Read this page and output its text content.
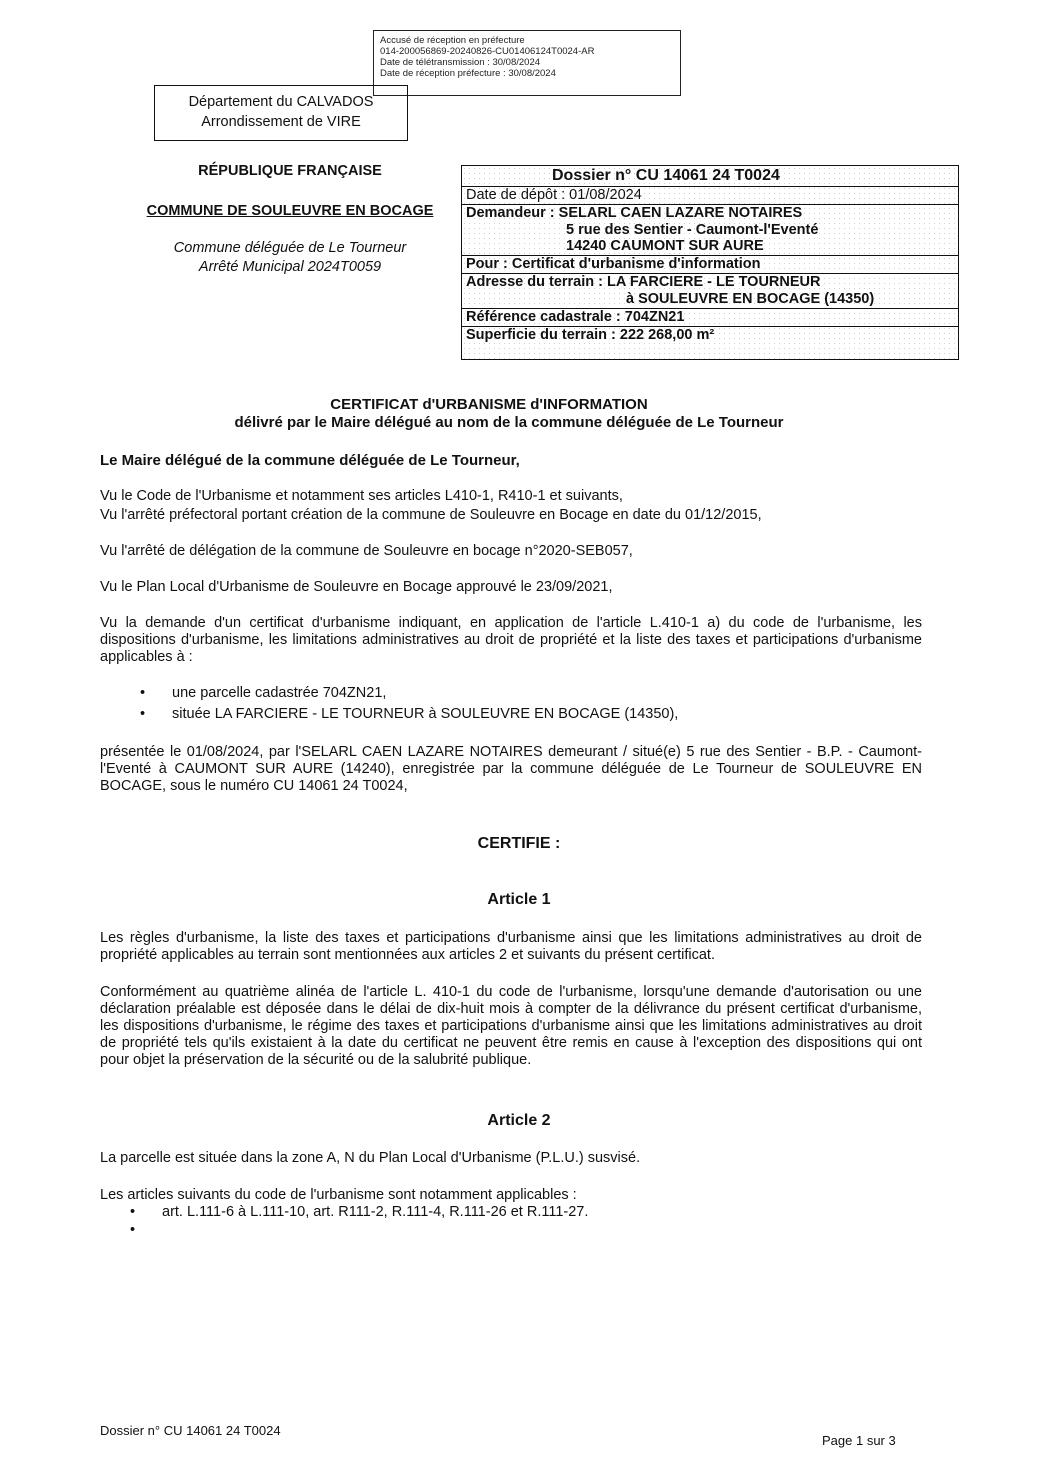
Accusé de réception en préfecture
014-200056869-20240826-CU01406124T0024-AR
Date de télétransmission : 30/08/2024
Date de réception préfecture : 30/08/2024
Département du CALVADOS
Arrondissement de VIRE
RÉPUBLIQUE FRANÇAISE
COMMUNE DE SOULEUVRE EN BOCAGE
Commune déléguée de Le Tourneur
Arrêté Municipal 2024T0059
Dossier n° CU 14061 24 T0024
Date de dépôt : 01/08/2024
Demandeur : SELARL CAEN LAZARE NOTAIRES
5 rue des Sentier - Caumont-l'Eventé
14240 CAUMONT SUR AURE
Pour : Certificat d'urbanisme d'information
Adresse du terrain : LA FARCIERE - LE TOURNEUR
à SOULEUVRE EN BOCAGE (14350)
Référence cadastrale : 704ZN21
Superficie du terrain : 222 268,00 m²
CERTIFICAT d'URBANISME d'INFORMATION
délivré par le Maire délégué au nom de la commune déléguée de Le Tourneur
Le Maire délégué de la commune déléguée de Le Tourneur,
Vu le Code de l'Urbanisme et notamment ses articles L410-1, R410-1 et suivants,
Vu l'arrêté préfectoral portant création de la commune de Souleuvre en Bocage en date du 01/12/2015,
Vu l'arrêté de délégation de la commune de Souleuvre en bocage n°2020-SEB057,
Vu le Plan Local d'Urbanisme de Souleuvre en Bocage approuvé le 23/09/2021,
Vu la demande d'un certificat d'urbanisme indiquant, en application de l'article L.410-1 a) du code de l'urbanisme, les dispositions d'urbanisme, les limitations administratives au droit de propriété et la liste des taxes et participations d'urbanisme applicables à :
• une parcelle cadastrée 704ZN21,
• située LA FARCIERE - LE TOURNEUR à SOULEUVRE EN BOCAGE (14350),
présentée le 01/08/2024, par l'SELARL CAEN LAZARE NOTAIRES demeurant / situé(e) 5 rue des Sentier - B.P. - Caumont-l'Eventé à CAUMONT SUR AURE (14240), enregistrée par la commune déléguée de Le Tourneur de SOULEUVRE EN BOCAGE, sous le numéro CU 14061 24 T0024,
CERTIFIE :
Article 1
Les règles d'urbanisme, la liste des taxes et participations d'urbanisme ainsi que les limitations administratives au droit de propriété applicables au terrain sont mentionnées aux articles 2 et suivants du présent certificat.
Conformément au quatrième alinéa de l'article L. 410-1 du code de l'urbanisme, lorsqu'une demande d'autorisation ou une déclaration préalable est déposée dans le délai de dix-huit mois à compter de la délivrance du présent certificat d'urbanisme, les dispositions d'urbanisme, le régime des taxes et participations d'urbanisme ainsi que les limitations administratives au droit de propriété tels qu'ils existaient à la date du certificat ne peuvent être remis en cause à l'exception des dispositions qui ont pour objet la préservation de la sécurité ou de la salubrité publique.
Article 2
La parcelle est située dans la zone A, N du Plan Local d'Urbanisme (P.L.U.) susvisé.
Les articles suivants du code de l'urbanisme sont notamment applicables :
• art. L.111-6 à L.111-10, art. R111-2, R.111-4, R.111-26 et R.111-27.
•
Dossier n° CU 14061 24 T0024
Page 1 sur 3
